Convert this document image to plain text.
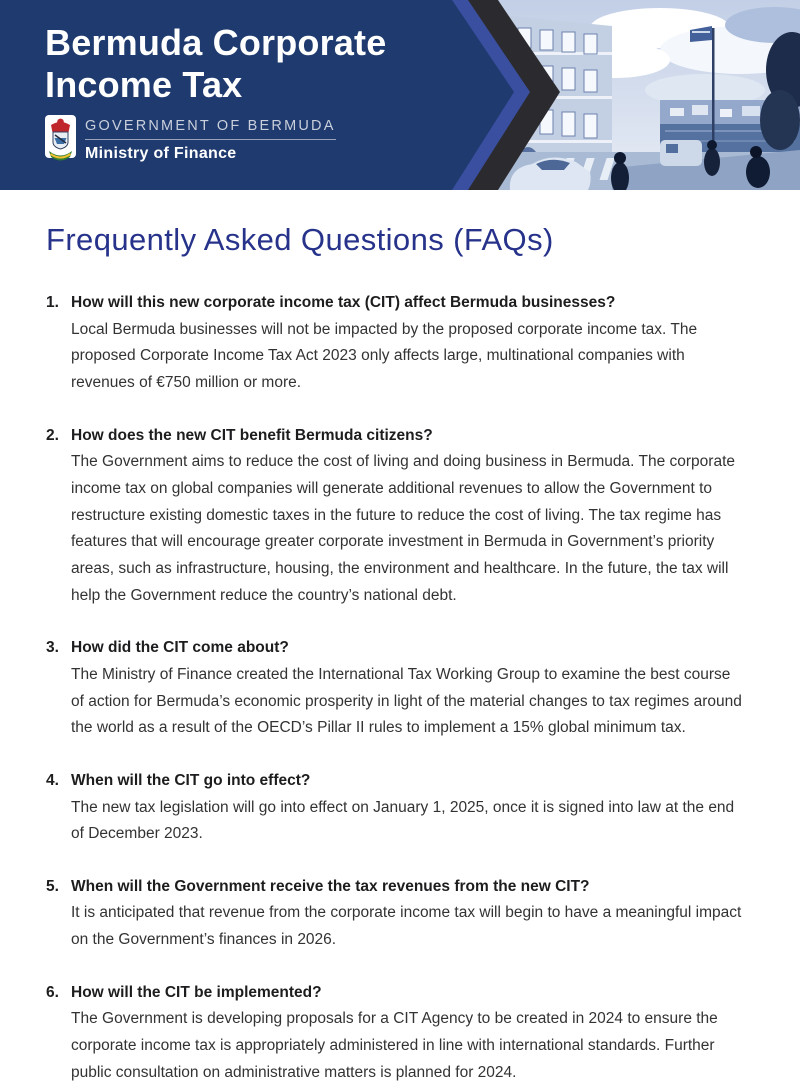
Bermuda Corporate
Income Tax
GOVERNMENT OF BERMUDA
Ministry of Finance
Frequently Asked Questions (FAQs)
1. How will this new corporate income tax (CIT) affect Bermuda businesses?

Local Bermuda businesses will not be impacted by the proposed corporate income tax. The proposed Corporate Income Tax Act 2023 only affects large, multinational companies with revenues of €750 million or more.

2. How does the new CIT benefit Bermuda citizens?

The Government aims to reduce the cost of living and doing business in Bermuda. The corporate income tax on global companies will generate additional revenues to allow the Government to restructure existing domestic taxes in the future to reduce the cost of living. The tax regime has features that will encourage greater corporate investment in Bermuda in Government’s priority areas, such as infrastructure, housing, the environment and healthcare. In the future, the tax will help the Government reduce the country’s national debt.

3. How did the CIT come about?

The Ministry of Finance created the International Tax Working Group to examine the best course of action for Bermuda’s economic prosperity in light of the material changes to tax regimes around the world as a result of the OECD’s Pillar II rules to implement a 15% global minimum tax.

4. When will the CIT go into effect?

The new tax legislation will go into effect on January 1, 2025, once it is signed into law at the end of December 2023.

5. When will the Government receive the tax revenues from the new CIT?

It is anticipated that revenue from the corporate income tax will begin to have a meaningful impact on the Government’s finances in 2026.

6. How will the CIT be implemented?

The Government is developing proposals for a CIT Agency to be created in 2024 to ensure the corporate income tax is appropriately administered in line with international standards. Further public consultation on administrative matters is planned for 2024.
